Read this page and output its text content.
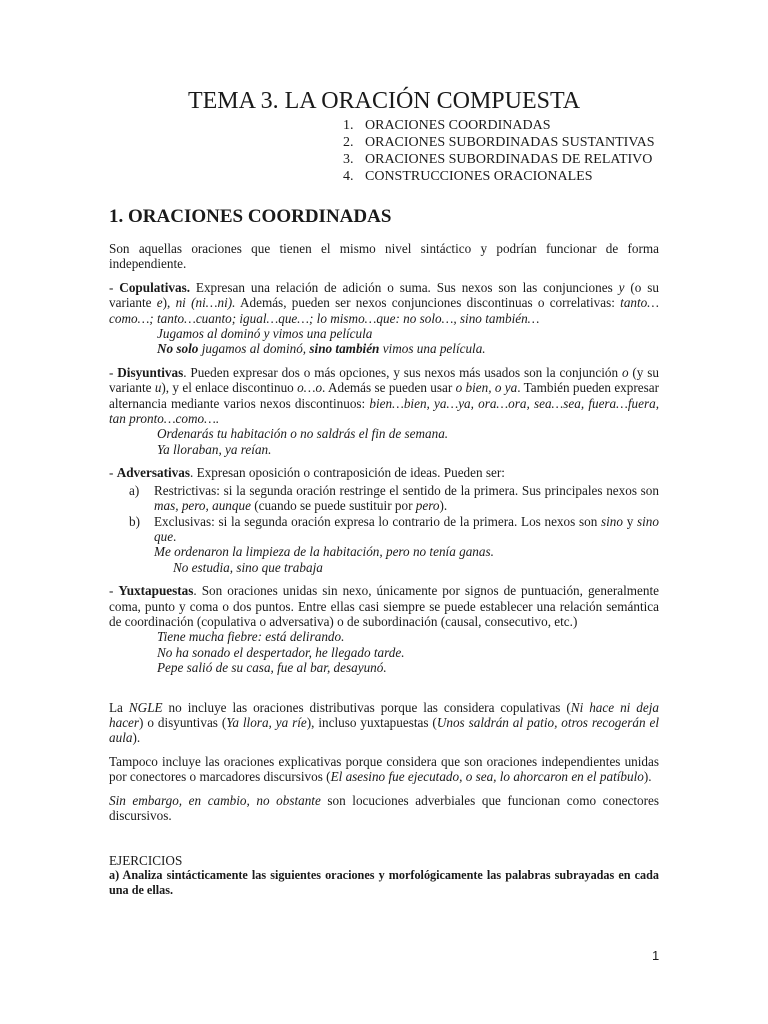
TEMA 3. LA ORACIÓN COMPUESTA
1. ORACIONES COORDINADAS
2. ORACIONES SUBORDINADAS SUSTANTIVAS
3. ORACIONES SUBORDINADAS DE RELATIVO
4. CONSTRUCCIONES ORACIONALES
1. ORACIONES COORDINADAS

Son aquellas oraciones que tienen el mismo nivel sintáctico y podrían funcionar de forma independiente.

- Copulativas. Expresan una relación de adición o suma. Sus nexos son las conjunciones y (o su variante e), ni (ni…ni). Además, pueden ser nexos conjunciones discontinuas o correlativas: tanto…como…; tanto…cuanto; igual…que…; lo mismo…que: no solo…, sino también…

Jugamos al dominó y vimos una película
No solo jugamos al dominó, sino también vimos una película.

- Disyuntivas. Pueden expresar dos o más opciones, y sus nexos más usados son la conjunción o (y su variante u), y el enlace discontinuo o…o. Además se pueden usar o bien, o ya. También pueden expresar alternancia mediante varios nexos discontinuos: bien…bien, ya…ya, ora…ora, sea…sea, fuera…fuera, tan pronto…como….

Ordenarás tu habitación o no saldrás el fin de semana.
Ya lloraban, ya reían.

- Adversativas. Expresan oposición o contraposición de ideas. Pueden ser:

a)	Restrictivas: si la segunda oración restringe el sentido de la primera. Sus principales nexos son mas, pero, aunque (cuando se puede sustituir por pero).
b)	Exclusivas: si la segunda oración expresa lo contrario de la primera. Los nexos son sino y sino que.
Me ordenaron la limpieza de la habitación, pero no tenía ganas.
No estudia, sino que trabaja

- Yuxtapuestas. Son oraciones unidas sin nexo, únicamente por signos de puntuación, generalmente coma, punto y coma o dos puntos. Entre ellas casi siempre se puede establecer una relación semántica de coordinación (copulativa o adversativa) o de subordinación (causal, consecutivo, etc.)

Tiene mucha fiebre: está delirando.
No ha sonado el despertador, he llegado tarde.
Pepe salió de su casa, fue al bar, desayunó.

La NGLE no incluye las oraciones distributivas porque las considera copulativas (Ni hace ni deja hacer) o disyuntivas (Ya llora, ya ríe), incluso yuxtapuestas (Unos saldrán al patio, otros recogerán el aula).

Tampoco incluye las oraciones explicativas porque considera que son oraciones independientes unidas por conectores o marcadores discursivos (El asesino fue ejecutado, o sea, lo ahorcaron en el patíbulo).

Sin embargo, en cambio, no obstante son locuciones adverbiales que funcionan como conectores discursivos.

EJERCICIOS
a) Analiza sintácticamente las siguientes oraciones y morfológicamente las palabras subrayadas en cada una de ellas.
1
